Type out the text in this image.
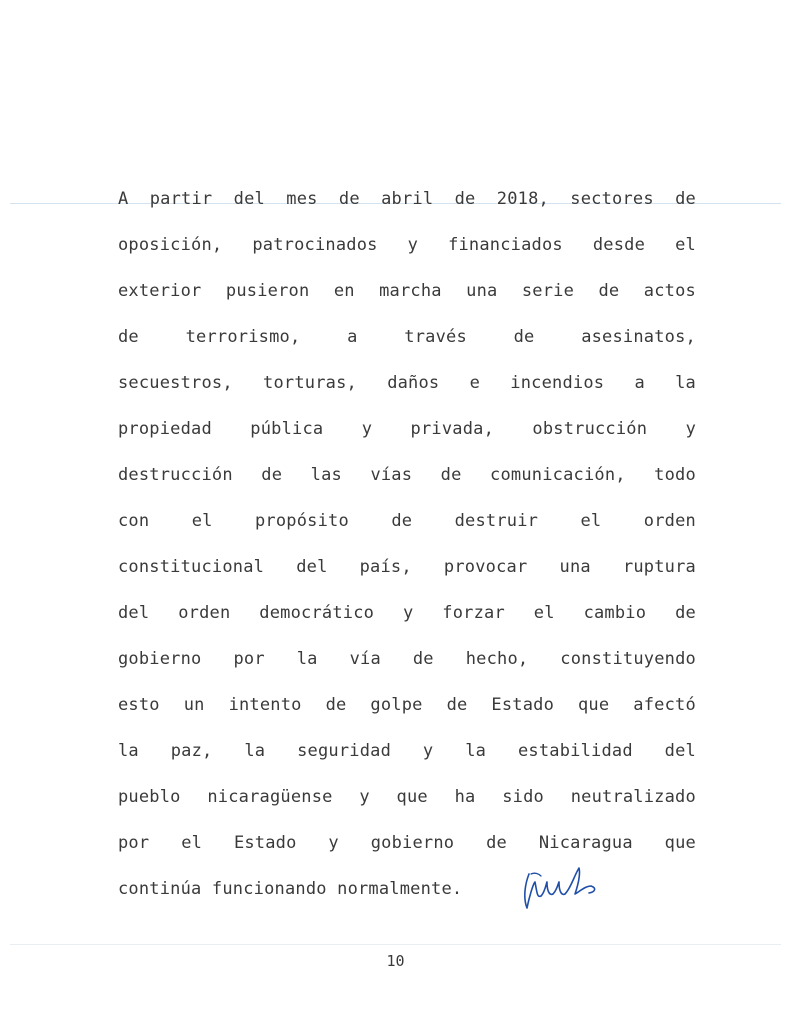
A partir del mes de abril de 2018, sectores de
oposición, patrocinados y financiados desde el
exterior pusieron en marcha una serie de actos
de	terrorismo,	a	través	de	asesinatos,
secuestros, torturas, daños e incendios a la
propiedad pública y privada, obstrucción y
destrucción de las vías de comunicación, todo
con el propósito de destruir el orden
constitucional del país, provocar una ruptura
del orden democrático y forzar el cambio de
gobierno por la vía de hecho, constituyendo
esto un intento de golpe de Estado que afectó
la paz, la seguridad y la estabilidad del
pueblo nicaragüense y que ha sido neutralizado
por el Estado y gobierno de Nicaragua que
continúa funcionando normalmente.
10
